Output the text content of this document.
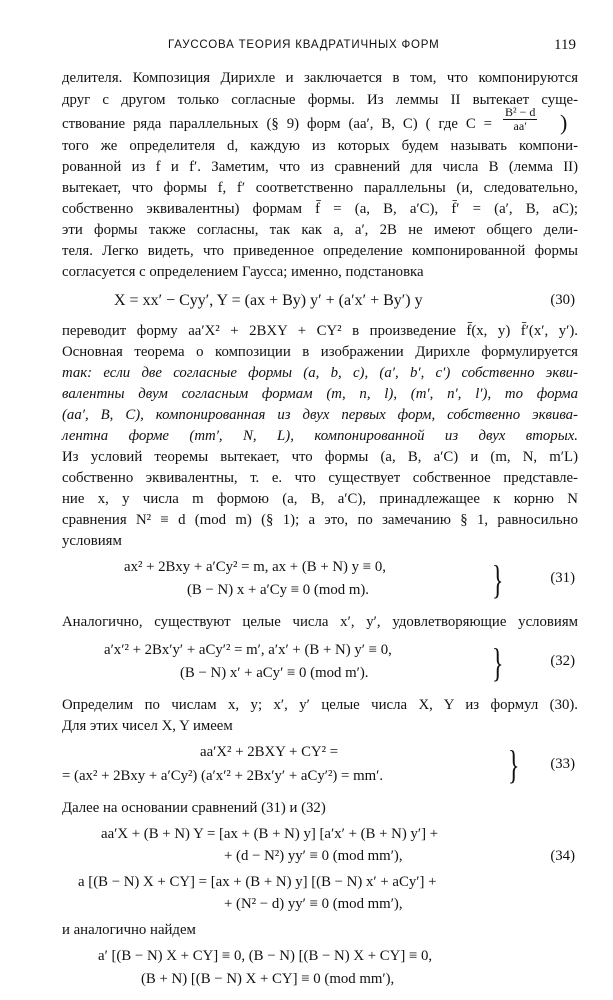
ГАУССОВА ТЕОРИЯ КВАДРАТИЧНЫХ ФОРМ	119
делителя. Композиция Дирихле и заключается в том, что компонируются
друг с другом только согласные формы. Из леммы II вытекает суще-
ствование ряда параллельных (§ 9) форм (aa′, B, C) ( где $C = \frac{\text{B² − d}}{aa'}$ )
того же определителя d, каждую из которых будем называть компони-
рованной из f и f′. Заметим, что из сравнений для числа B (лемма II)
вытекает, что формы f, f′ соответственно параллельны (и, следовательно,
собственно эквивалентны) формам f̄ = (a, B, a′C), f̄′ = (a′, B, aC);
эти формы также согласны, так как a, a′, 2B не имеют общего дели-
теля. Легко видеть, что приведенное определение компонированной формы
согласуется с определением Гаусса; именно, подстановка
X = xx′ − Cyy′, Y = (ax + By) y′ + (a′x′ + By′) y	(30)
переводит форму aa′X² + 2BXY + CY² в произведение f̄(x, y) f̄′(x′, y′).
Основная теорема о композиции в изображении Дирихле формулируется
так: если две согласные формы (a, b, c), (a′, b′, c′) собственно экви-
валентны двум согласным формам (m, n, l), (m′, n′, l′), то форма
(aa′, B, C), компонированная из двух первых форм, собственно эквива-
лентна форме (mm′, N, L), компонированной из двух вторых.
Из условий теоремы вытекает, что формы (a, B, a′C) и (m, N, m′L)
собственно эквивалентны, т. е. что существует собственное представле-
ние x, y числа m формою (a, B, a′C), принадлежащее к корню N
сравнения N² ≡ d (mod m) (§ 1); а это, по замечанию § 1, равносильно
условиям
ax² + 2Bxy + a′Cy² = m, ax + (B + N) y ≡ 0,
(B − N) x + a′Cy ≡ 0 (mod m).
(31)
}
Аналогично, существуют целые числа x′, y′, удовлетворяющие условиям
a′x′² + 2Bx′y′ + aCy′² = m′, a′x′ + (B + N) y′ ≡ 0,
(B − N) x′ + aCy′ ≡ 0 (mod m′).
(32)
}
Определим по числам x, y; x′, y′ целые числа X, Y из формул (30).
Для этих чисел X, Y имеем
aa′X² + 2BXY + CY² =
= (ax² + 2Bxy + a′Cy²) (a′x′² + 2Bx′y′ + aCy′²) = mm′.
(33)
}
Далее на основании сравнений (31) и (32)
aa′X + (B + N) Y = [ax + (B + N) y] [a′x′ + (B + N) y′] +
+ (d − N²) yy′ ≡ 0 (mod mm′),	(34)
a [(B − N) X + CY] = [ax + (B + N) y] [(B − N) x′ + aCy′] +
+ (N² − d) yy′ ≡ 0 (mod mm′),
и аналогично найдем
a′ [(B − N) X + CY] ≡ 0, (B − N) [(B − N) X + CY] ≡ 0,
(B + N) [(B − N) X + CY] ≡ 0 (mod mm′),
